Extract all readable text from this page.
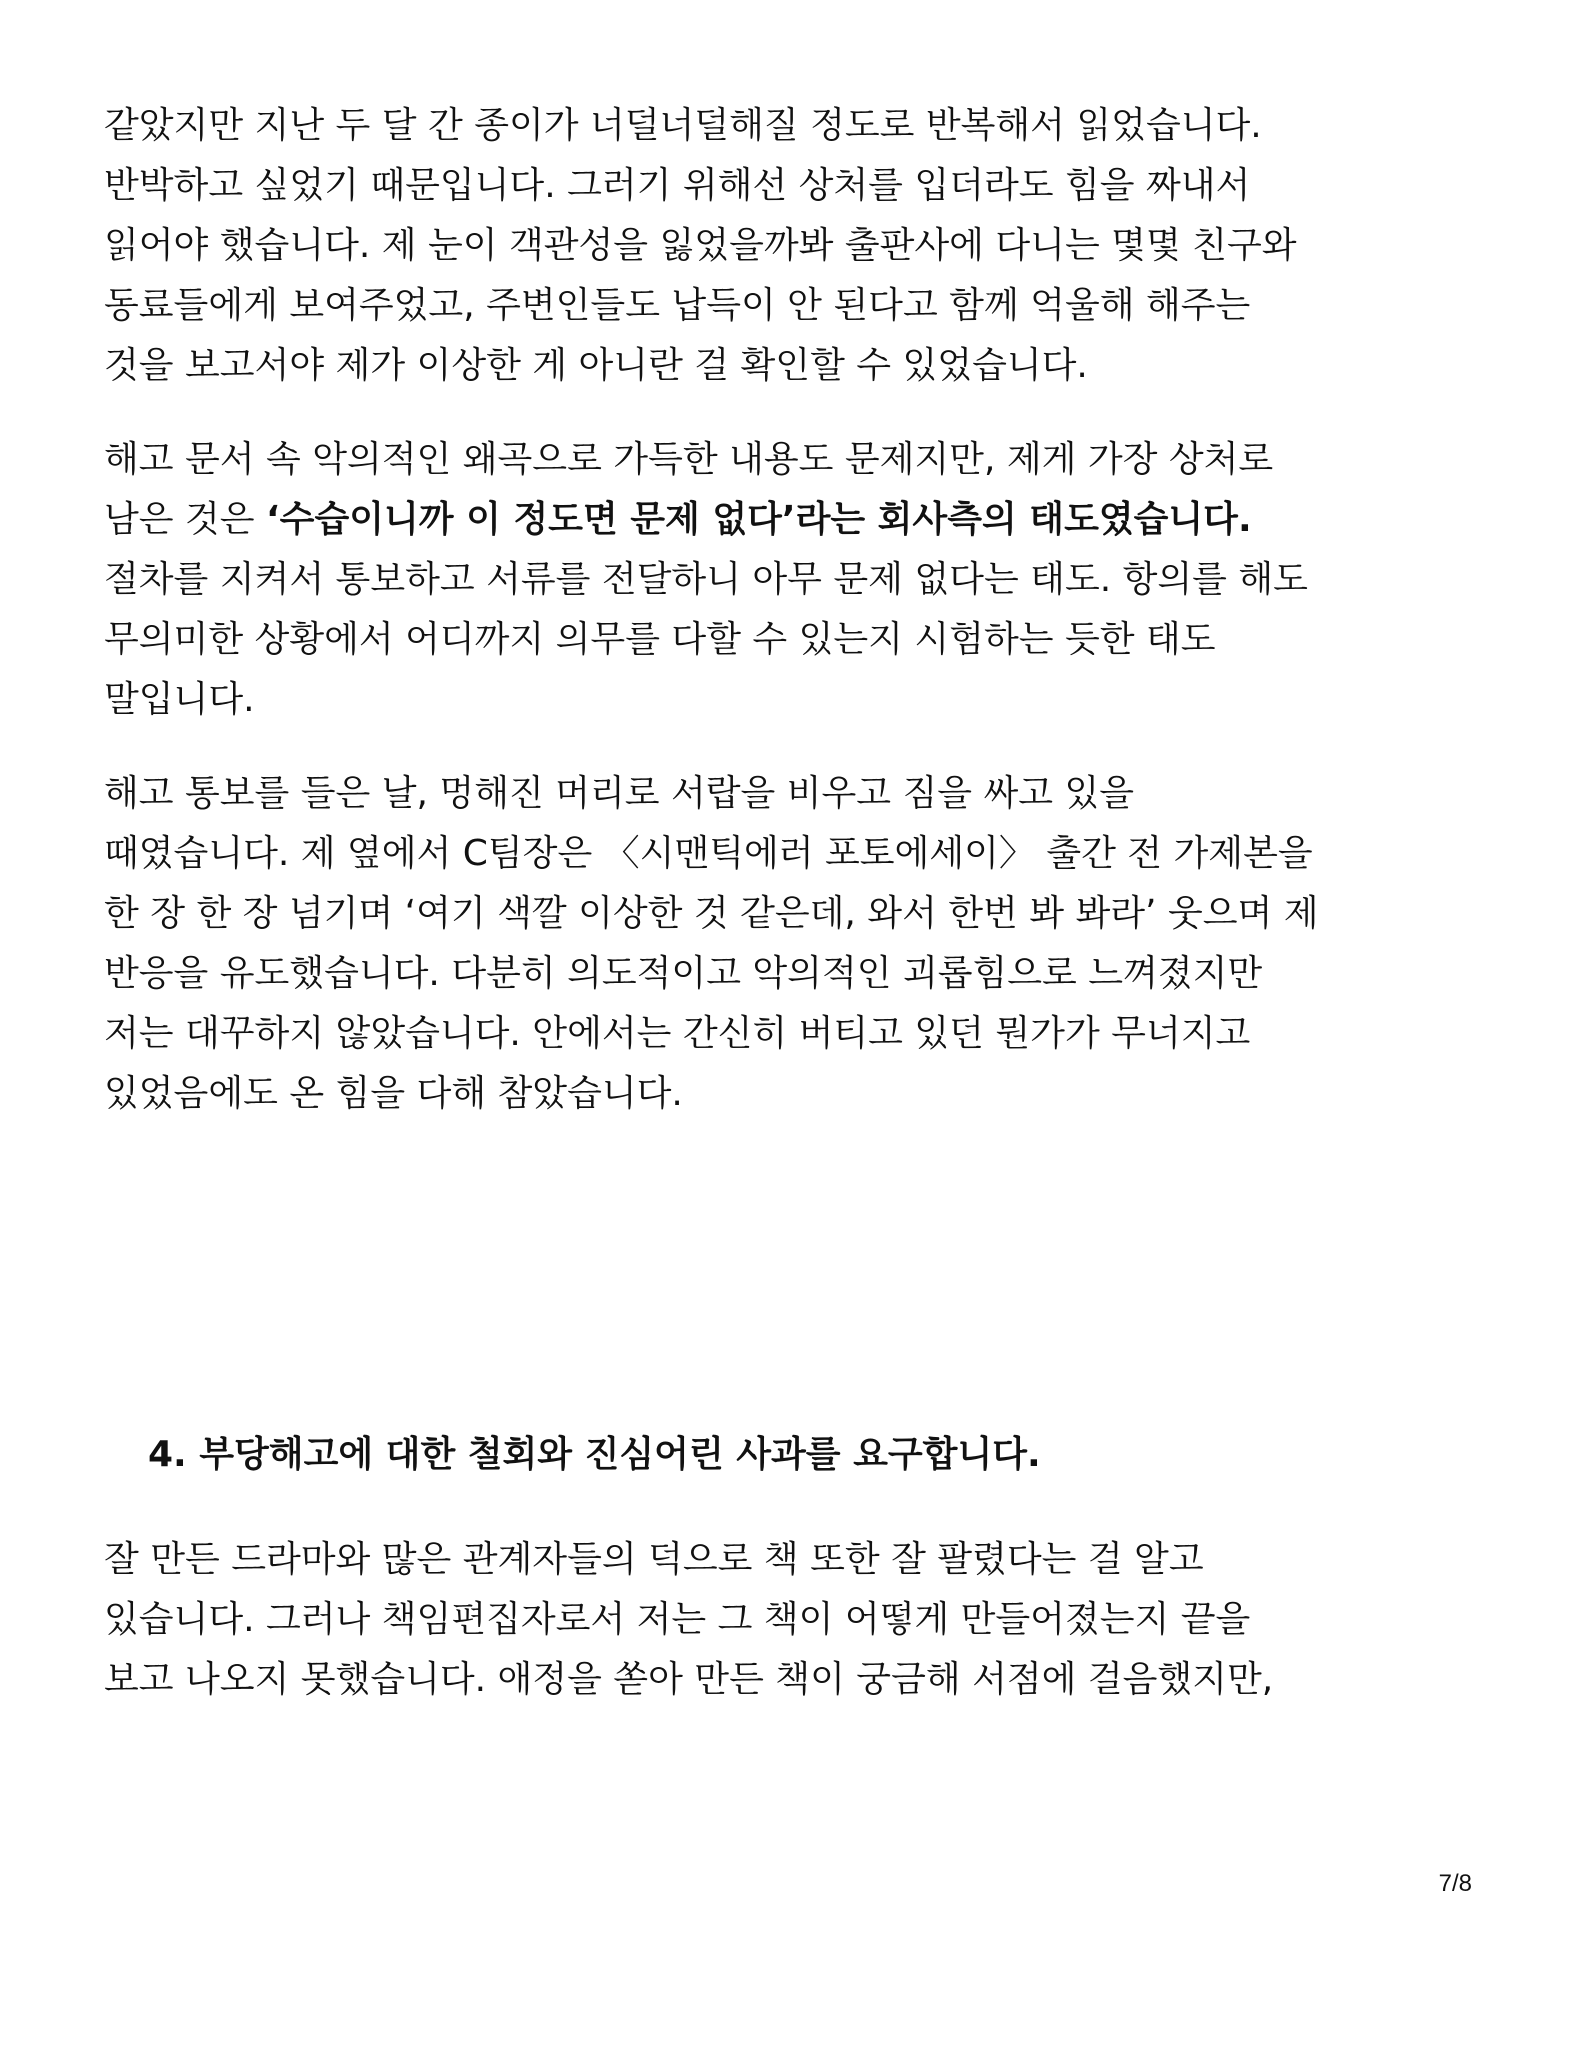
같았지만 지난 두 달 간 종이가 너덜너덜해질 정도로 반복해서 읽었습니다.
반박하고 싶었기 때문입니다. 그러기 위해선 상처를 입더라도 힘을 짜내서
읽어야 했습니다. 제 눈이 객관성을 잃었을까봐 출판사에 다니는 몇몇 친구와
동료들에게 보여주었고, 주변인들도 납득이 안 된다고 함께 억울해 해주는
것을 보고서야 제가 이상한 게 아니란 걸 확인할 수 있었습니다.

해고 문서 속 악의적인 왜곡으로 가득한 내용도 문제지만, 제게 가장 상처로
남은 것은 ‘수습이니까 이 정도면 문제 없다’라는 회사측의 태도였습니다.
절차를 지켜서 통보하고 서류를 전달하니 아무 문제 없다는 태도. 항의를 해도
무의미한 상황에서 어디까지 의무를 다할 수 있는지 시험하는 듯한 태도
말입니다.

해고 통보를 들은 날, 멍해진 머리로 서랍을 비우고 짐을 싸고 있을
때였습니다. 제 옆에서 C팀장은 〈시맨틱에러 포토에세이〉 출간 전 가제본을
한 장 한 장 넘기며 ‘여기 색깔 이상한 것 같은데, 와서 한번 봐 봐라’ 웃으며 제
반응을 유도했습니다. 다분히 의도적이고 악의적인 괴롭힘으로 느껴졌지만
저는 대꾸하지 않았습니다. 안에서는 간신히 버티고 있던 뭔가가 무너지고
있었음에도 온 힘을 다해 참았습니다.

4. 부당해고에 대한 철회와 진심어린 사과를 요구합니다.

잘 만든 드라마와 많은 관계자들의 덕으로 책 또한 잘 팔렸다는 걸 알고
있습니다. 그러나 책임편집자로서 저는 그 책이 어떻게 만들어졌는지 끝을
보고 나오지 못했습니다. 애정을 쏟아 만든 책이 궁금해 서점에 걸음했지만,

7/8
